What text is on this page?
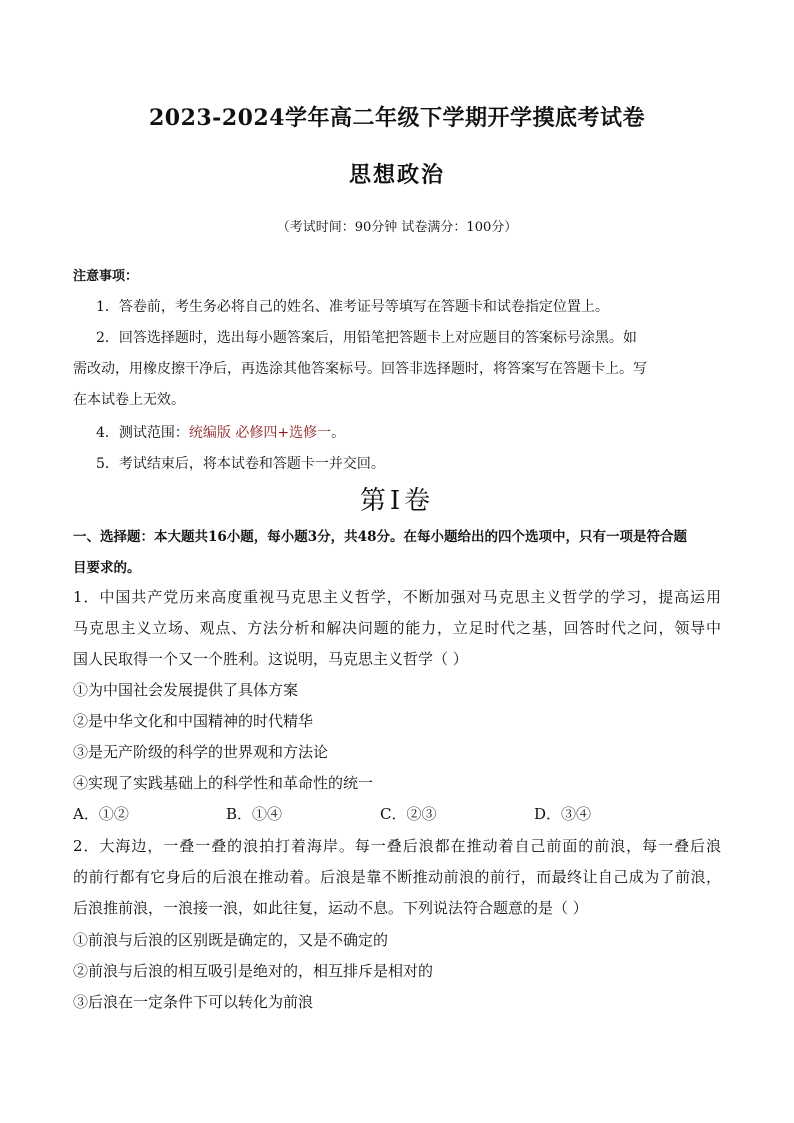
2023-2024学年高二年级下学期开学摸底考试卷
思想政治
（考试时间：90分钟 试卷满分：100分）
注意事项：
1．答卷前，考生务必将自己的姓名、准考证号等填写在答题卡和试卷指定位置上。
2．回答选择题时，选出每小题答案后，用铅笔把答题卡上对应题目的答案标号涂黑。如
需改动，用橡皮擦干净后，再选涂其他答案标号。回答非选择题时，将答案写在答题卡上。写
在本试卷上无效。
4．测试范围：统编版 必修四+选修一。
5．考试结束后，将本试卷和答题卡一并交回。
第Ⅰ卷
一、选择题：本大题共16小题，每小题3分，共48分。在每小题给出的四个选项中，只有一项是符合题
目要求的。
1．中国共产党历来高度重视马克思主义哲学，不断加强对马克思主义哲学的学习，提高运用
马克思主义立场、观点、方法分析和解决问题的能力，立足时代之基，回答时代之问，领导中
国人民取得一个又一个胜利。这说明，马克思主义哲学（ ）
①为中国社会发展提供了具体方案
②是中华文化和中国精神的时代精华
③是无产阶级的科学的世界观和方法论
④实现了实践基础上的科学性和革命性的统一
A．①②	B．①④	C．②③	D．③④
2．大海边，一叠一叠的浪拍打着海岸。每一叠后浪都在推动着自己前面的前浪，每一叠后浪
的前行都有它身后的后浪在推动着。后浪是靠不断推动前浪的前行，而最终让自己成为了前浪，
后浪推前浪，一浪接一浪，如此往复，运动不息。下列说法符合题意的是（ ）
①前浪与后浪的区别既是确定的，又是不确定的
②前浪与后浪的相互吸引是绝对的，相互排斥是相对的
③后浪在一定条件下可以转化为前浪
